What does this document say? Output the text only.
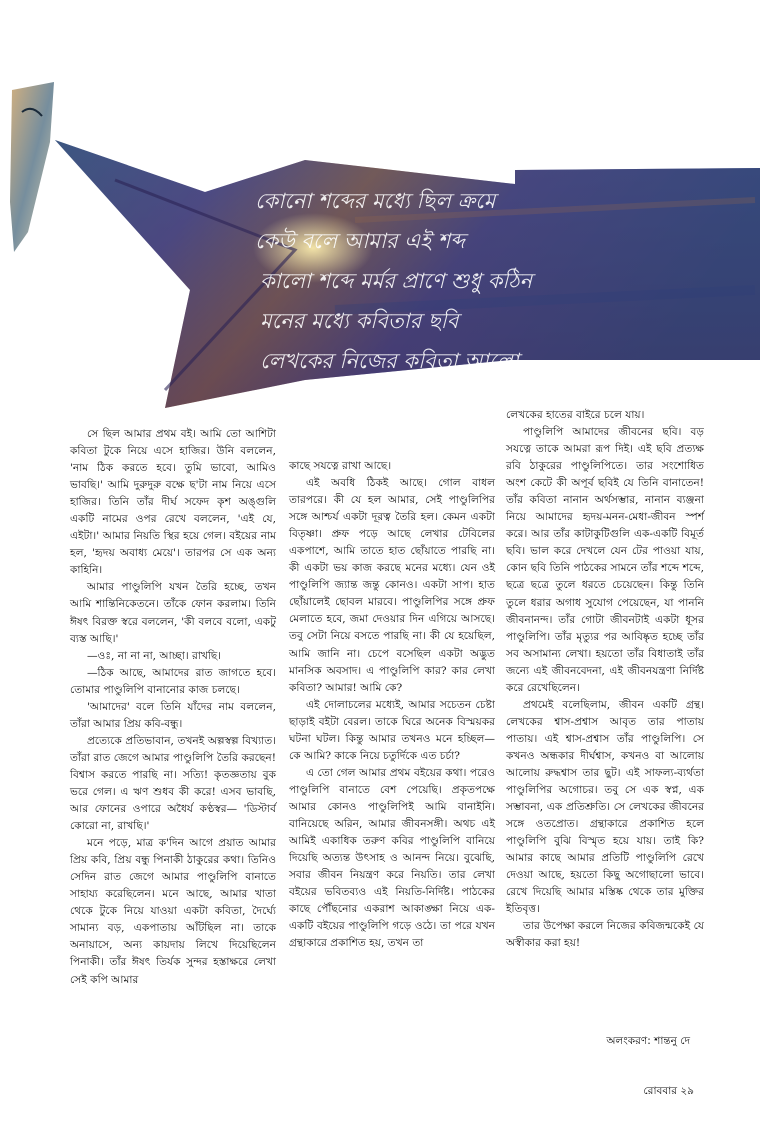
কোনো শব্দের মধ্যে ছিল ক্রমে
কেউ বলে আমার এই শব্দ
কালো শব্দে মর্মর প্রাণে শুধু কঠিন
মনের মধ্যে কবিতার ছবি
লেখকের নিজের কবিতা আলো

সে ছিল আমার প্রথম বই। আমি তো আশিটা কবিতা টুকে নিয়ে এসে হাজির। উনি বললেন, 'নাম ঠিক করতে হবে। তুমি ভাবো, আমিও ভাবছি।' আমি দুরুদুরু বক্ষে ছ'টা নাম নিয়ে এসে হাজির। তিনি তাঁর দীর্ঘ সফেদ কৃশ অঙ্গুলি একটি নামের ওপর রেখে বললেন, 'এই যে, এইটা।' আমার নিয়তি স্থির হয়ে গেল। বইয়ের নাম হল, 'হৃদয় অবাধ্য মেয়ে'। তারপর সে এক অন্য কাহিনি।

আমার পাণ্ডুলিপি যখন তৈরি হচ্ছে, তখন আমি শান্তিনিকেতনে। তাঁকে ফোন করলাম। তিনি ঈষৎ বিরক্ত স্বরে বললেন, 'কী বলবে বলো, একটু ব্যস্ত আছি।'

—ওঃ, না না না, আচ্ছা। রাখছি।

—ঠিক আছে, আমাদের রাত জাগতে হবে। তোমার পাণ্ডুলিপি বানানোর কাজ চলছে।

'আমাদের' বলে তিনি যাঁদের নাম বললেন, তাঁরা আমার প্রিয় কবি-বন্ধু।

প্রত্যেকে প্রতিভাবান, তখনই অল্পস্বল্প বিখ্যাত। তাঁরা রাত জেগে আমার পাণ্ডুলিপি তৈরি করছেন! বিশ্বাস করতে পারছি না। সত্যি! কৃতজ্ঞতায় বুক ভরে গেল। এ ঋণ শুধব কী করে! এসব ভাবছি, আর ফোনের ওপারে অধৈর্য কণ্ঠস্বর— 'ডিস্টার্ব কোরো না, রাখছি।'

মনে পড়ে, মাত্র ক'দিন আগে প্রয়াত আমার প্রিয় কবি, প্রিয় বন্ধু পিনাকী ঠাকুরের কথা। তিনিও সেদিন রাত জেগে আমার পাণ্ডুলিপি বানাতে সাহায্য করেছিলেন। মনে আছে, আমার খাতা থেকে টুকে নিয়ে যাওয়া একটা কবিতা, দৈর্ঘ্যে সামান্য বড়, একপাতায় আঁটছিল না। তাকে অনায়াসে, অন্য কায়দায় লিখে দিয়েছিলেন পিনাকী। তাঁর ঈষৎ তির্যক সুন্দর হস্তাক্ষরে লেখা সেই কপি আমার

কাছে সযত্নে রাখা আছে।

এই অবধি ঠিকই আছে। গোল বাধল তারপরে। কী যে হল আমার, সেই পাণ্ডুলিপির সঙ্গে আশ্চর্য একটা দূরত্ব তৈরি হল। কেমন একটা বিতৃষ্ণা। প্রুফ পড়ে আছে লেখার টেবিলের একপাশে, আমি তাতে হাত ছোঁয়াতে পারছি না। কী একটা ভয় কাজ করছে মনের মধ্যে। যেন ওই পাণ্ডুলিপি জ্যান্ত জন্তু কোনও। একটা সাপ। হাত ছোঁয়ালেই ছোবল মারবে। পাণ্ডুলিপির সঙ্গে প্রুফ মেলাতে হবে, জমা দেওয়ার দিন এগিয়ে আসছে। তবু সেটা নিয়ে বসতে পারছি না। কী যে হয়েছিল, আমি জানি না। চেপে বসেছিল একটা অদ্ভুত মানসিক অবসাদ। এ পাণ্ডুলিপি কার? কার লেখা কবিতা? আমার! আমি কে?

এই দোলাচলের মধ্যেই, আমার সচেতন চেষ্টা ছাড়াই বইটা বেরল। তাকে ঘিরে অনেক বিস্ময়কর ঘটনা ঘটল। কিন্তু আমার তখনও মনে হচ্ছিল— কে আমি? কাকে নিয়ে চতুর্দিকে এত চর্চা?

এ তো গেল আমার প্রথম বইয়ের কথা। পরেও পাণ্ডুলিপি বানাতে বেশ পেয়েছি। প্রকৃতপক্ষে আমার কোনও পাণ্ডুলিপিই আমি বানাইনি। বানিয়েছে অরিন, আমার জীবনসঙ্গী। অথচ এই আমিই একাধিক তরুণ কবির পাণ্ডুলিপি বানিয়ে দিয়েছি অত্যন্ত উৎসাহ ও আনন্দ নিয়ে। বুঝেছি, সবার জীবন নিয়ন্ত্রণ করে নিয়তি। তার লেখা বইয়ের ভবিতব্যও এই নিয়তি-নির্দিষ্ট। পাঠকের কাছে পৌঁছনোর একরাশ আকাঙ্ক্ষা নিয়ে এক-একটি বইয়ের পাণ্ডুলিপি গড়ে ওঠে। তা পরে যখন গ্রন্থাকারে প্রকাশিত হয়, তখন তা

লেখকের হাতের বাইরে চলে যায়।

পাণ্ডুলিপি আমাদের জীবনের ছবি। বড় সযত্নে তাকে আমরা রূপ দিই। এই ছবি প্রত্যক্ষ রবি ঠাকুরের পাণ্ডুলিপিতে। তার সংশোধিত অংশ কেটে কী অপূর্ব ছবিই যে তিনি বানাতেন! তাঁর কবিতা নানান অর্থসম্ভার, নানান ব্যঞ্জনা নিয়ে আমাদের হৃদয়-মনন-মেধা-জীবন স্পর্শ করে। আর তাঁর কাটাকুটিগুলি এক-একটি বিমূর্ত ছবি। ভাল করে দেখলে যেন টের পাওয়া যায়, কোন ছবি তিনি পাঠকের সামনে তাঁর শব্দে শব্দে, ছত্রে ছত্রে তুলে ধরতে চেয়েছেন। কিন্তু তিনি তুলে ধরার অগাধ সুযোগ পেয়েছেন, যা পাননি জীবনানন্দ। তাঁর গোটা জীবনটাই একটা ধূসর পাণ্ডুলিপি। তাঁর মৃত্যুর পর আবিষ্কৃত হচ্ছে তাঁর সব অসামান্য লেখা। হয়তো তাঁর বিধাতাই তাঁর জন্যে এই জীবনবেদনা, এই জীবনযন্ত্রণা নির্দিষ্ট করে রেখেছিলেন।

প্রথমেই বলেছিলাম, জীবন একটি গ্রন্থ। লেখকের শ্বাস-প্রশ্বাস আবৃত তার পাতায় পাতায়। এই শ্বাস-প্রশ্বাস তাঁর পাণ্ডুলিপি। সে কখনও অন্ধকার দীর্ঘশ্বাস, কখনও বা আলোয় আলোয় রুদ্ধশ্বাস তার ছুট। এই সাফল্য-ব্যর্থতা পাণ্ডুলিপির অগোচর। তবু সে এক স্বপ্ন, এক সম্ভাবনা, এক প্রতিশ্রুতি। সে লেখকের জীবনের সঙ্গে ওতপ্রোত। গ্রন্থাকারে প্রকাশিত হলে পাণ্ডুলিপি বুঝি বিস্মৃত হয়ে যায়। তাই কি? আমার কাছে আমার প্রতিটি পাণ্ডুলিপি রেখে দেওয়া আছে, হয়তো কিছু অগোছালো ভাবে। রেখে দিয়েছি আমার মস্তিষ্ক থেকে তার মুক্তির ইতিবৃত্ত।

তার উপেক্ষা করলে নিজের কবিজন্মকেই যে অস্বীকার করা হয়!

অলংকরণ: শান্তনু দে
রোববার ২৯
